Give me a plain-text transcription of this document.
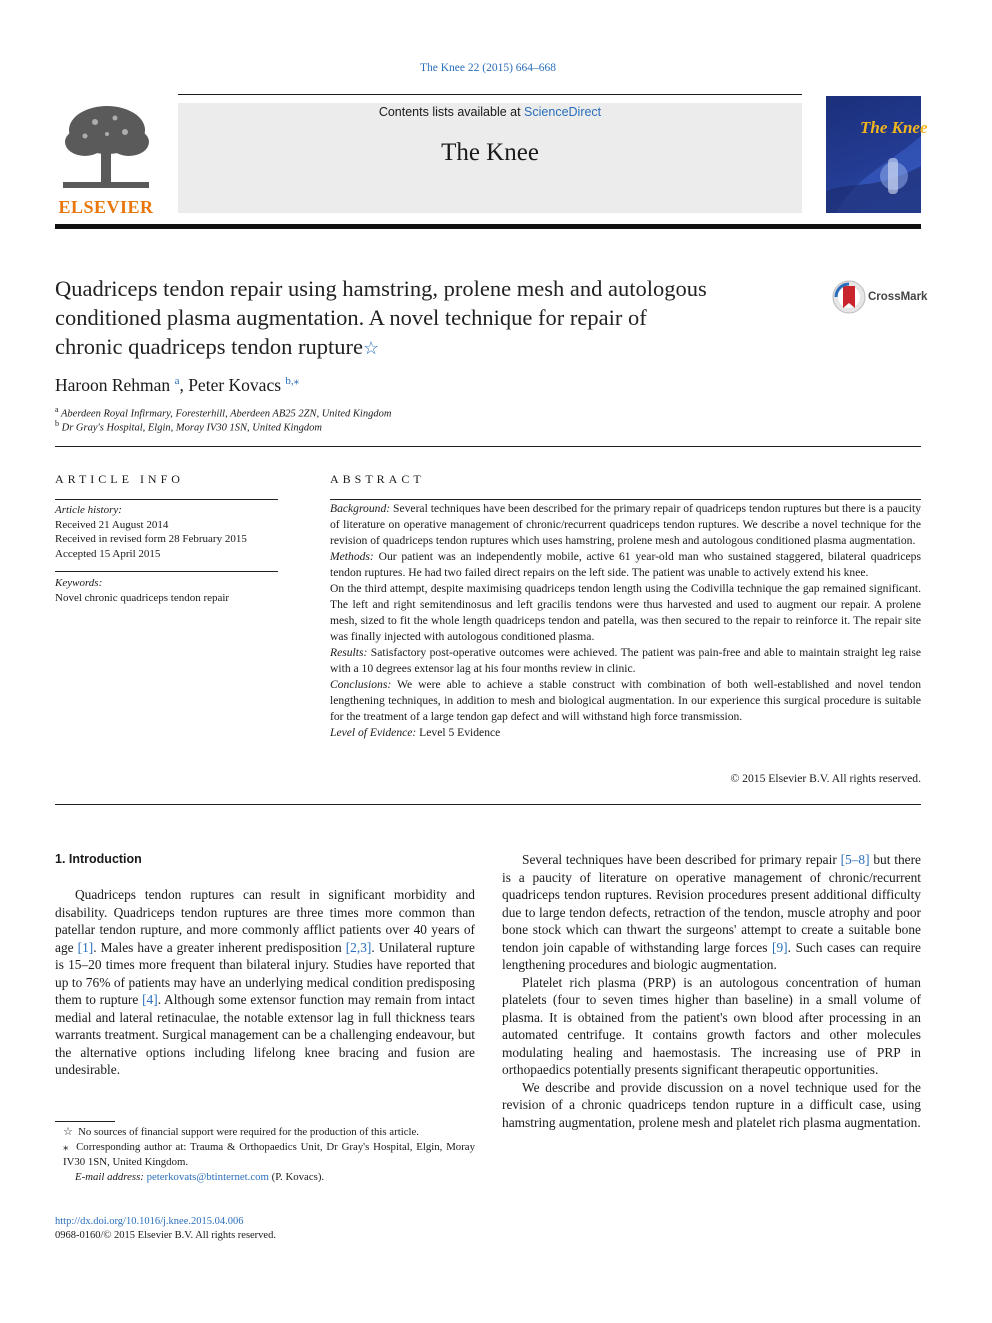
The Knee 22 (2015) 664–668
Contents lists available at ScienceDirect
The Knee
ELSEVIER
The Knee
Quadriceps tendon repair using hamstring, prolene mesh and autologous
conditioned plasma augmentation. A novel technique for repair of
chronic quadriceps tendon rupture☆
CrossMark
Haroon Rehman $^a$, Peter Kovacs $^{b,⁎}$
$^a$ Aberdeen Royal Infirmary, Foresterhill, Aberdeen AB25 2ZN, United Kingdom
$^b$ Dr Gray's Hospital, Elgin, Moray IV30 1SN, United Kingdom
ARTICLE INFO
Article history:
Received 21 August 2014
Received in revised form 28 February 2015
Accepted 15 April 2015
Keywords:
Novel chronic quadriceps tendon repair
ABSTRACT

Background: Several techniques have been described for the primary repair of quadriceps tendon ruptures but there is a paucity of literature on operative management of chronic/recurrent quadriceps tendon ruptures. We describe a novel technique for the revision of quadriceps tendon ruptures which uses hamstring, prolene mesh and autologous conditioned plasma augmentation.

Methods: Our patient was an independently mobile, active 61 year-old man who sustained staggered, bilateral quadriceps tendon ruptures. He had two failed direct repairs on the left side. The patient was unable to actively extend his knee.

On the third attempt, despite maximising quadriceps tendon length using the Codivilla technique the gap remained significant. The left and right semitendinosus and left gracilis tendons were thus harvested and used to augment our repair. A prolene mesh, sized to fit the whole length quadriceps tendon and patella, was then secured to the repair to reinforce it. The repair site was finally injected with autologous conditioned plasma.

Results: Satisfactory post-operative outcomes were achieved. The patient was pain-free and able to maintain straight leg raise with a 10 degrees extensor lag at his four months review in clinic.

Conclusions: We were able to achieve a stable construct with combination of both well-established and novel tendon lengthening techniques, in addition to mesh and biological augmentation. In our experience this surgical procedure is suitable for the treatment of a large tendon gap defect and will withstand high force transmission.

Level of Evidence: Level 5 Evidence

© 2015 Elsevier B.V. All rights reserved.
1. Introduction

Quadriceps tendon ruptures can result in significant morbidity and disability. Quadriceps tendon ruptures are three times more common than patellar tendon rupture, and more commonly afflict patients over 40 years of age [1]. Males have a greater inherent predisposition [2,3]. Unilateral rupture is 15–20 times more frequent than bilateral injury. Studies have reported that up to 76% of patients may have an underlying medical condition predisposing them to rupture [4]. Although some extensor function may remain from intact medial and lateral retinaculae, the notable extensor lag in full thickness tears warrants treatment. Surgical management can be a challenging endeavour, but the alternative options including lifelong knee bracing and fusion are undesirable.

Several techniques have been described for primary repair [5–8] but there is a paucity of literature on operative management of chronic/recurrent quadriceps tendon ruptures. Revision procedures present additional difficulty due to large tendon defects, retraction of the tendon, muscle atrophy and poor bone stock which can thwart the surgeons' attempt to create a suitable bone tendon join capable of withstanding large forces [9]. Such cases can require lengthening procedures and biologic augmentation.

Platelet rich plasma (PRP) is an autologous concentration of human platelets (four to seven times higher than baseline) in a small volume of plasma. It is obtained from the patient's own blood after processing in an automated centrifuge. It contains growth factors and other molecules modulating healing and haemostasis. The increasing use of PRP in orthopaedics potentially presents significant therapeutic opportunities.

We describe and provide discussion on a novel technique used for the revision of a chronic quadriceps tendon rupture in a difficult case, using hamstring augmentation, prolene mesh and platelet rich plasma augmentation.

☆ No sources of financial support were required for the production of this article.
⁎ Corresponding author at: Trauma & Orthopaedics Unit, Dr Gray's Hospital, Elgin, Moray IV30 1SN, United Kingdom.
E-mail address: peterkovats@btinternet.com (P. Kovacs).
http://dx.doi.org/10.1016/j.knee.2015.04.006
0968-0160/© 2015 Elsevier B.V. All rights reserved.
